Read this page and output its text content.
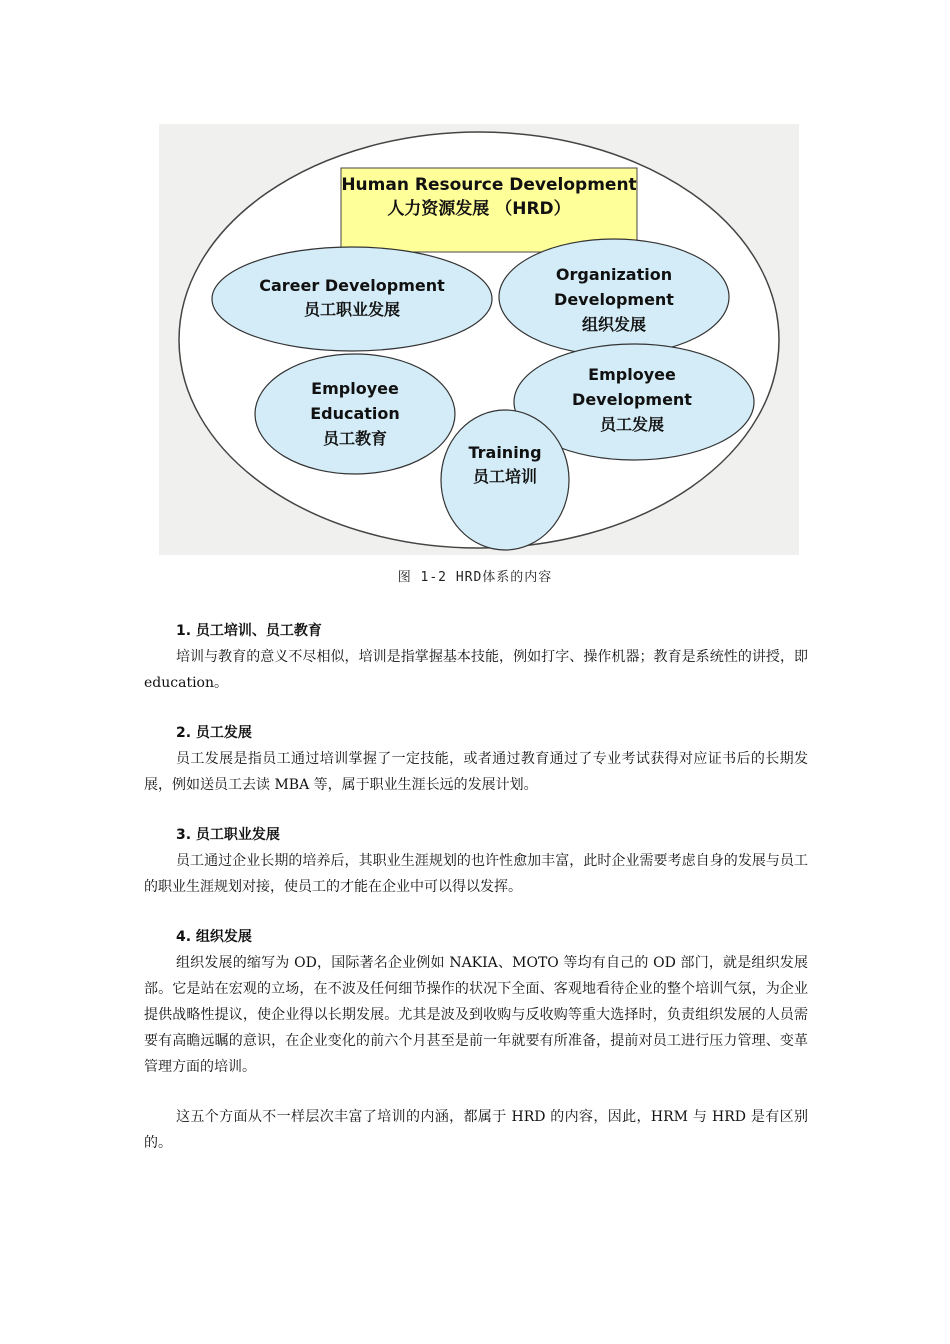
Human Resource Development
人力资源发展 （HRD）
Career Development
员工职业发展
Organization
Development
组织发展
Employee
Education
员工教育
Employee
Development
员工发展
Training
员工培训
图 1-2 HRD体系的内容
1. 员工培训、员工教育

培训与教育的意义不尽相似，培训是指掌握基本技能，例如打字、操作机器；教育是系统性的讲授，即 education。

2. 员工发展

员工发展是指员工通过培训掌握了一定技能，或者通过教育通过了专业考试获得对应证书后的长期发展，例如送员工去读 MBA 等，属于职业生涯长远的发展计划。

3. 员工职业发展

员工通过企业长期的培养后，其职业生涯规划的也许性愈加丰富，此时企业需要考虑自身的发展与员工的职业生涯规划对接，使员工的才能在企业中可以得以发挥。

4. 组织发展

组织发展的缩写为 OD，国际著名企业例如 NAKIA、MOTO 等均有自己的 OD 部门，就是组织发展部。它是站在宏观的立场，在不波及任何细节操作的状况下全面、客观地看待企业的整个培训气氛，为企业提供战略性提议，使企业得以长期发展。尤其是波及到收购与反收购等重大选择时，负责组织发展的人员需要有高瞻远瞩的意识，在企业变化的前六个月甚至是前一年就要有所准备，提前对员工进行压力管理、变革管理方面的培训。

这五个方面从不一样层次丰富了培训的内涵，都属于 HRD 的内容，因此，HRM 与 HRD 是有区别的。
